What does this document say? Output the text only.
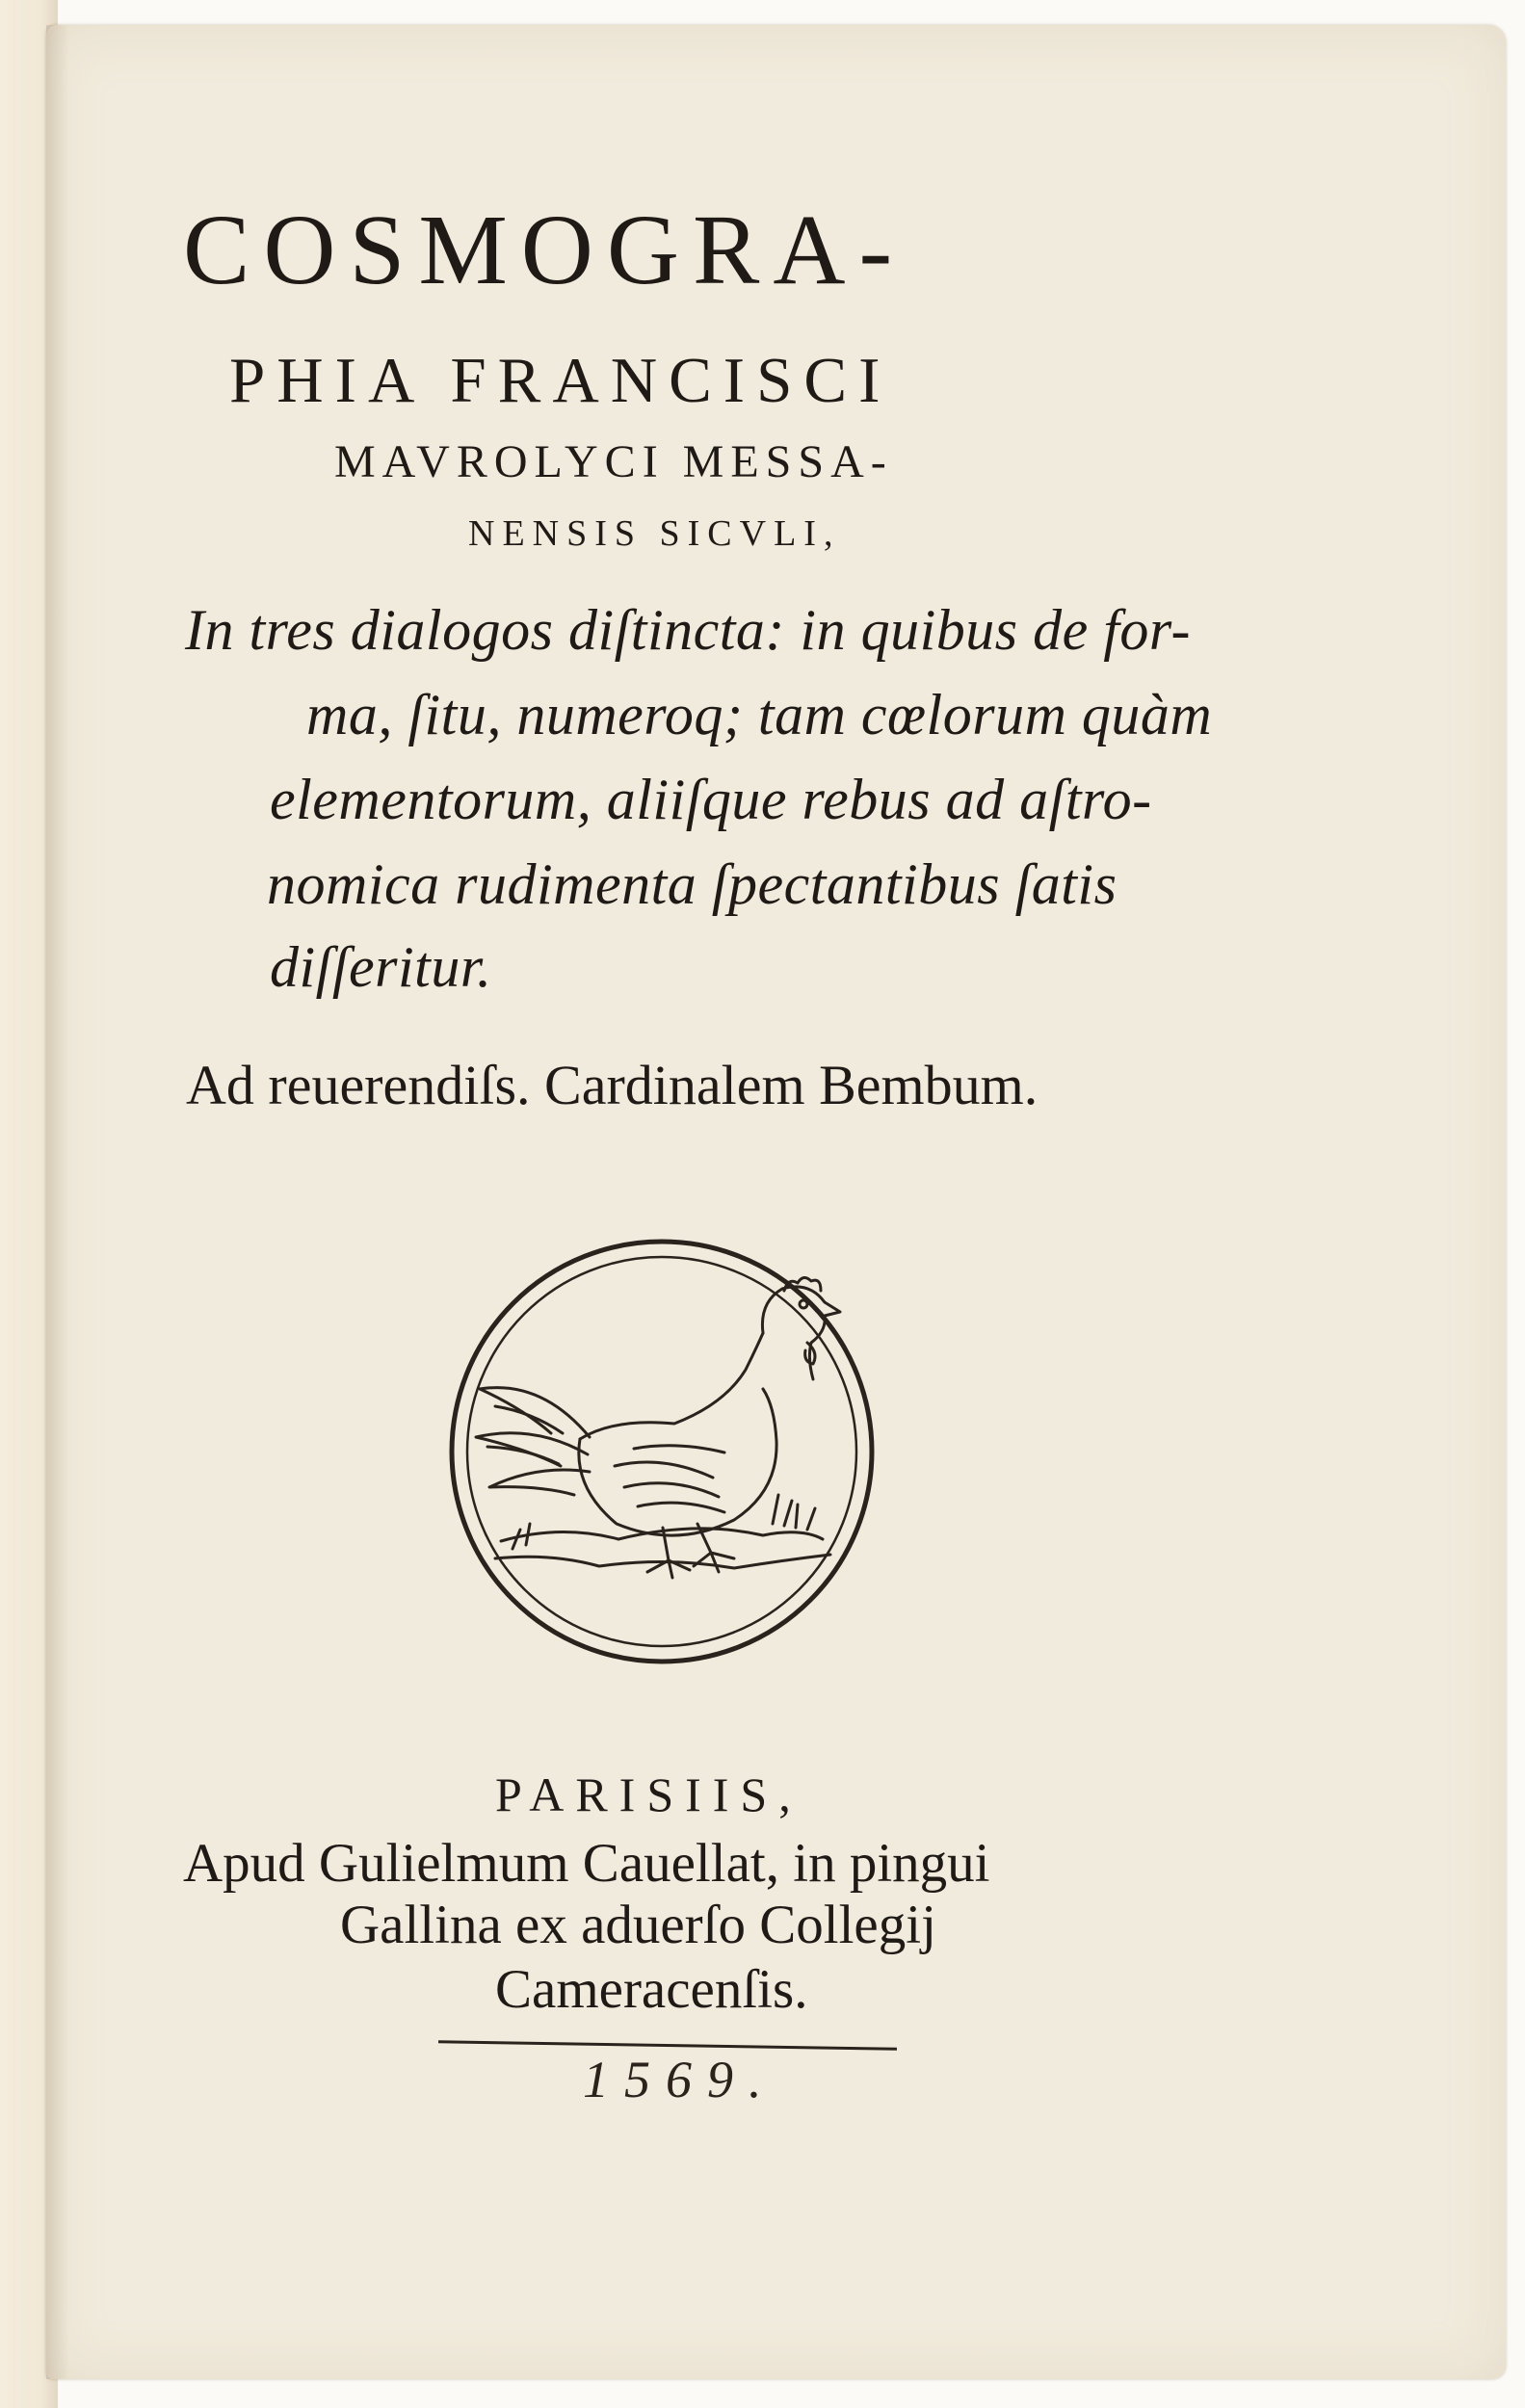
COSMOGRA-

PHIA FRANCISCI

MAVROLYCI MESSA-

NENSIS SICVLI,

In tres dialogos diſtincta: in quibus de for-

ma, ſitu, numeroq; tam cœlorum quàm

elementorum, aliiſque rebus ad aſtro-

nomica rudimenta ſpectantibus ſatis

diſſeritur.

Ad reuerendiſs. Cardinalem Bembum.

PARISIIS,

Apud Gulielmum Cauellat, in pingui

Gallina ex aduerſo Collegij

Cameracenſis.

1569.
